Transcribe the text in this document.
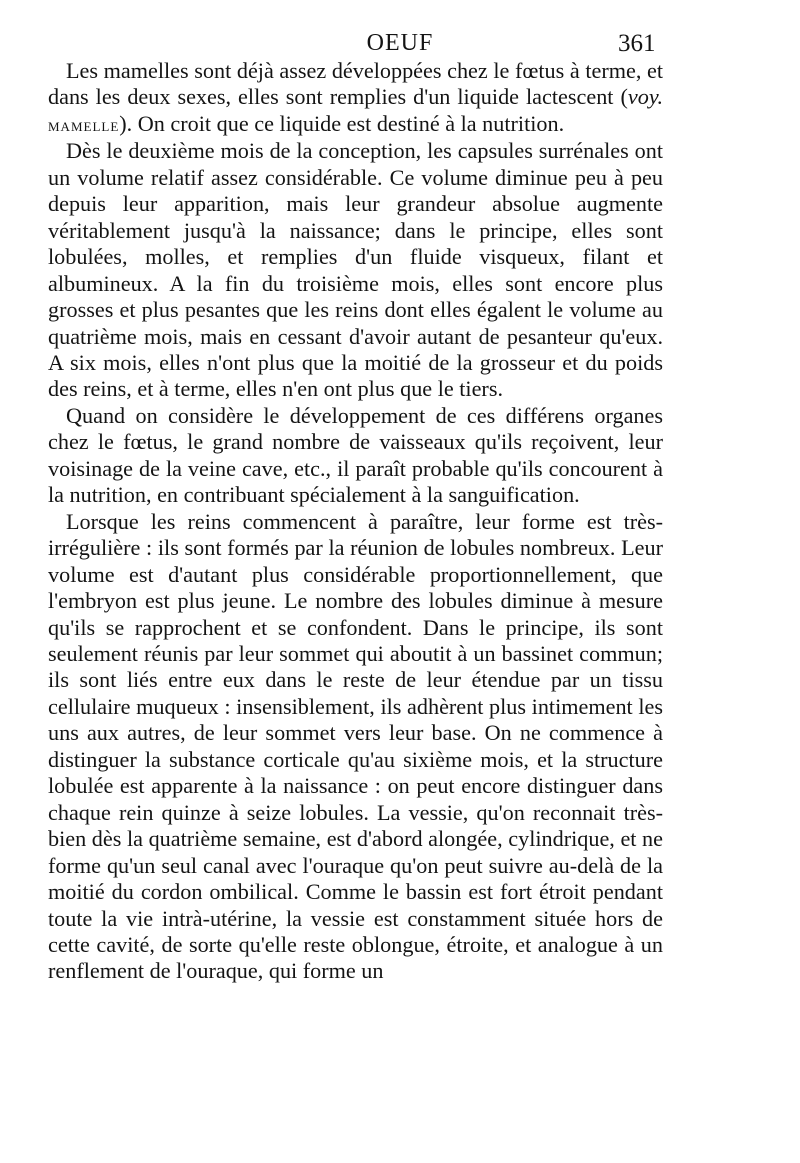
OEUF	361

Les mamelles sont déjà assez développées chez le fœtus à terme, et dans les deux sexes, elles sont remplies d'un liquide lactescent (voy. mamelle). On croit que ce liquide est destiné à la nutrition.

Dès le deuxième mois de la conception, les capsules surrénales ont un volume relatif assez considérable. Ce volume diminue peu à peu depuis leur apparition, mais leur grandeur absolue augmente véritablement jusqu'à la naissance; dans le principe, elles sont lobulées, molles, et remplies d'un fluide visqueux, filant et albumineux. A la fin du troisième mois, elles sont encore plus grosses et plus pesantes que les reins dont elles égalent le volume au quatrième mois, mais en cessant d'avoir autant de pesanteur qu'eux. A six mois, elles n'ont plus que la moitié de la grosseur et du poids des reins, et à terme, elles n'en ont plus que le tiers.

Quand on considère le développement de ces différens organes chez le fœtus, le grand nombre de vaisseaux qu'ils reçoivent, leur voisinage de la veine cave, etc., il paraît probable qu'ils concourent à la nutrition, en contribuant spécialement à la sanguification.

Lorsque les reins commencent à paraître, leur forme est très-irrégulière : ils sont formés par la réunion de lobules nombreux. Leur volume est d'autant plus considérable proportionnellement, que l'embryon est plus jeune. Le nombre des lobules diminue à mesure qu'ils se rapprochent et se confondent. Dans le principe, ils sont seulement réunis par leur sommet qui aboutit à un bassinet commun; ils sont liés entre eux dans le reste de leur étendue par un tissu cellulaire muqueux : insensiblement, ils adhèrent plus intimement les uns aux autres, de leur sommet vers leur base. On ne commence à distinguer la substance corticale qu'au sixième mois, et la structure lobulée est apparente à la naissance : on peut encore distinguer dans chaque rein quinze à seize lobules. La vessie, qu'on reconnait très-bien dès la quatrième semaine, est d'abord alongée, cylindrique, et ne forme qu'un seul canal avec l'ouraque qu'on peut suivre au-delà de la moitié du cordon ombilical. Comme le bassin est fort étroit pendant toute la vie intrà-utérine, la vessie est constamment située hors de cette cavité, de sorte qu'elle reste oblongue, étroite, et analogue à un renflement de l'ouraque, qui forme un
